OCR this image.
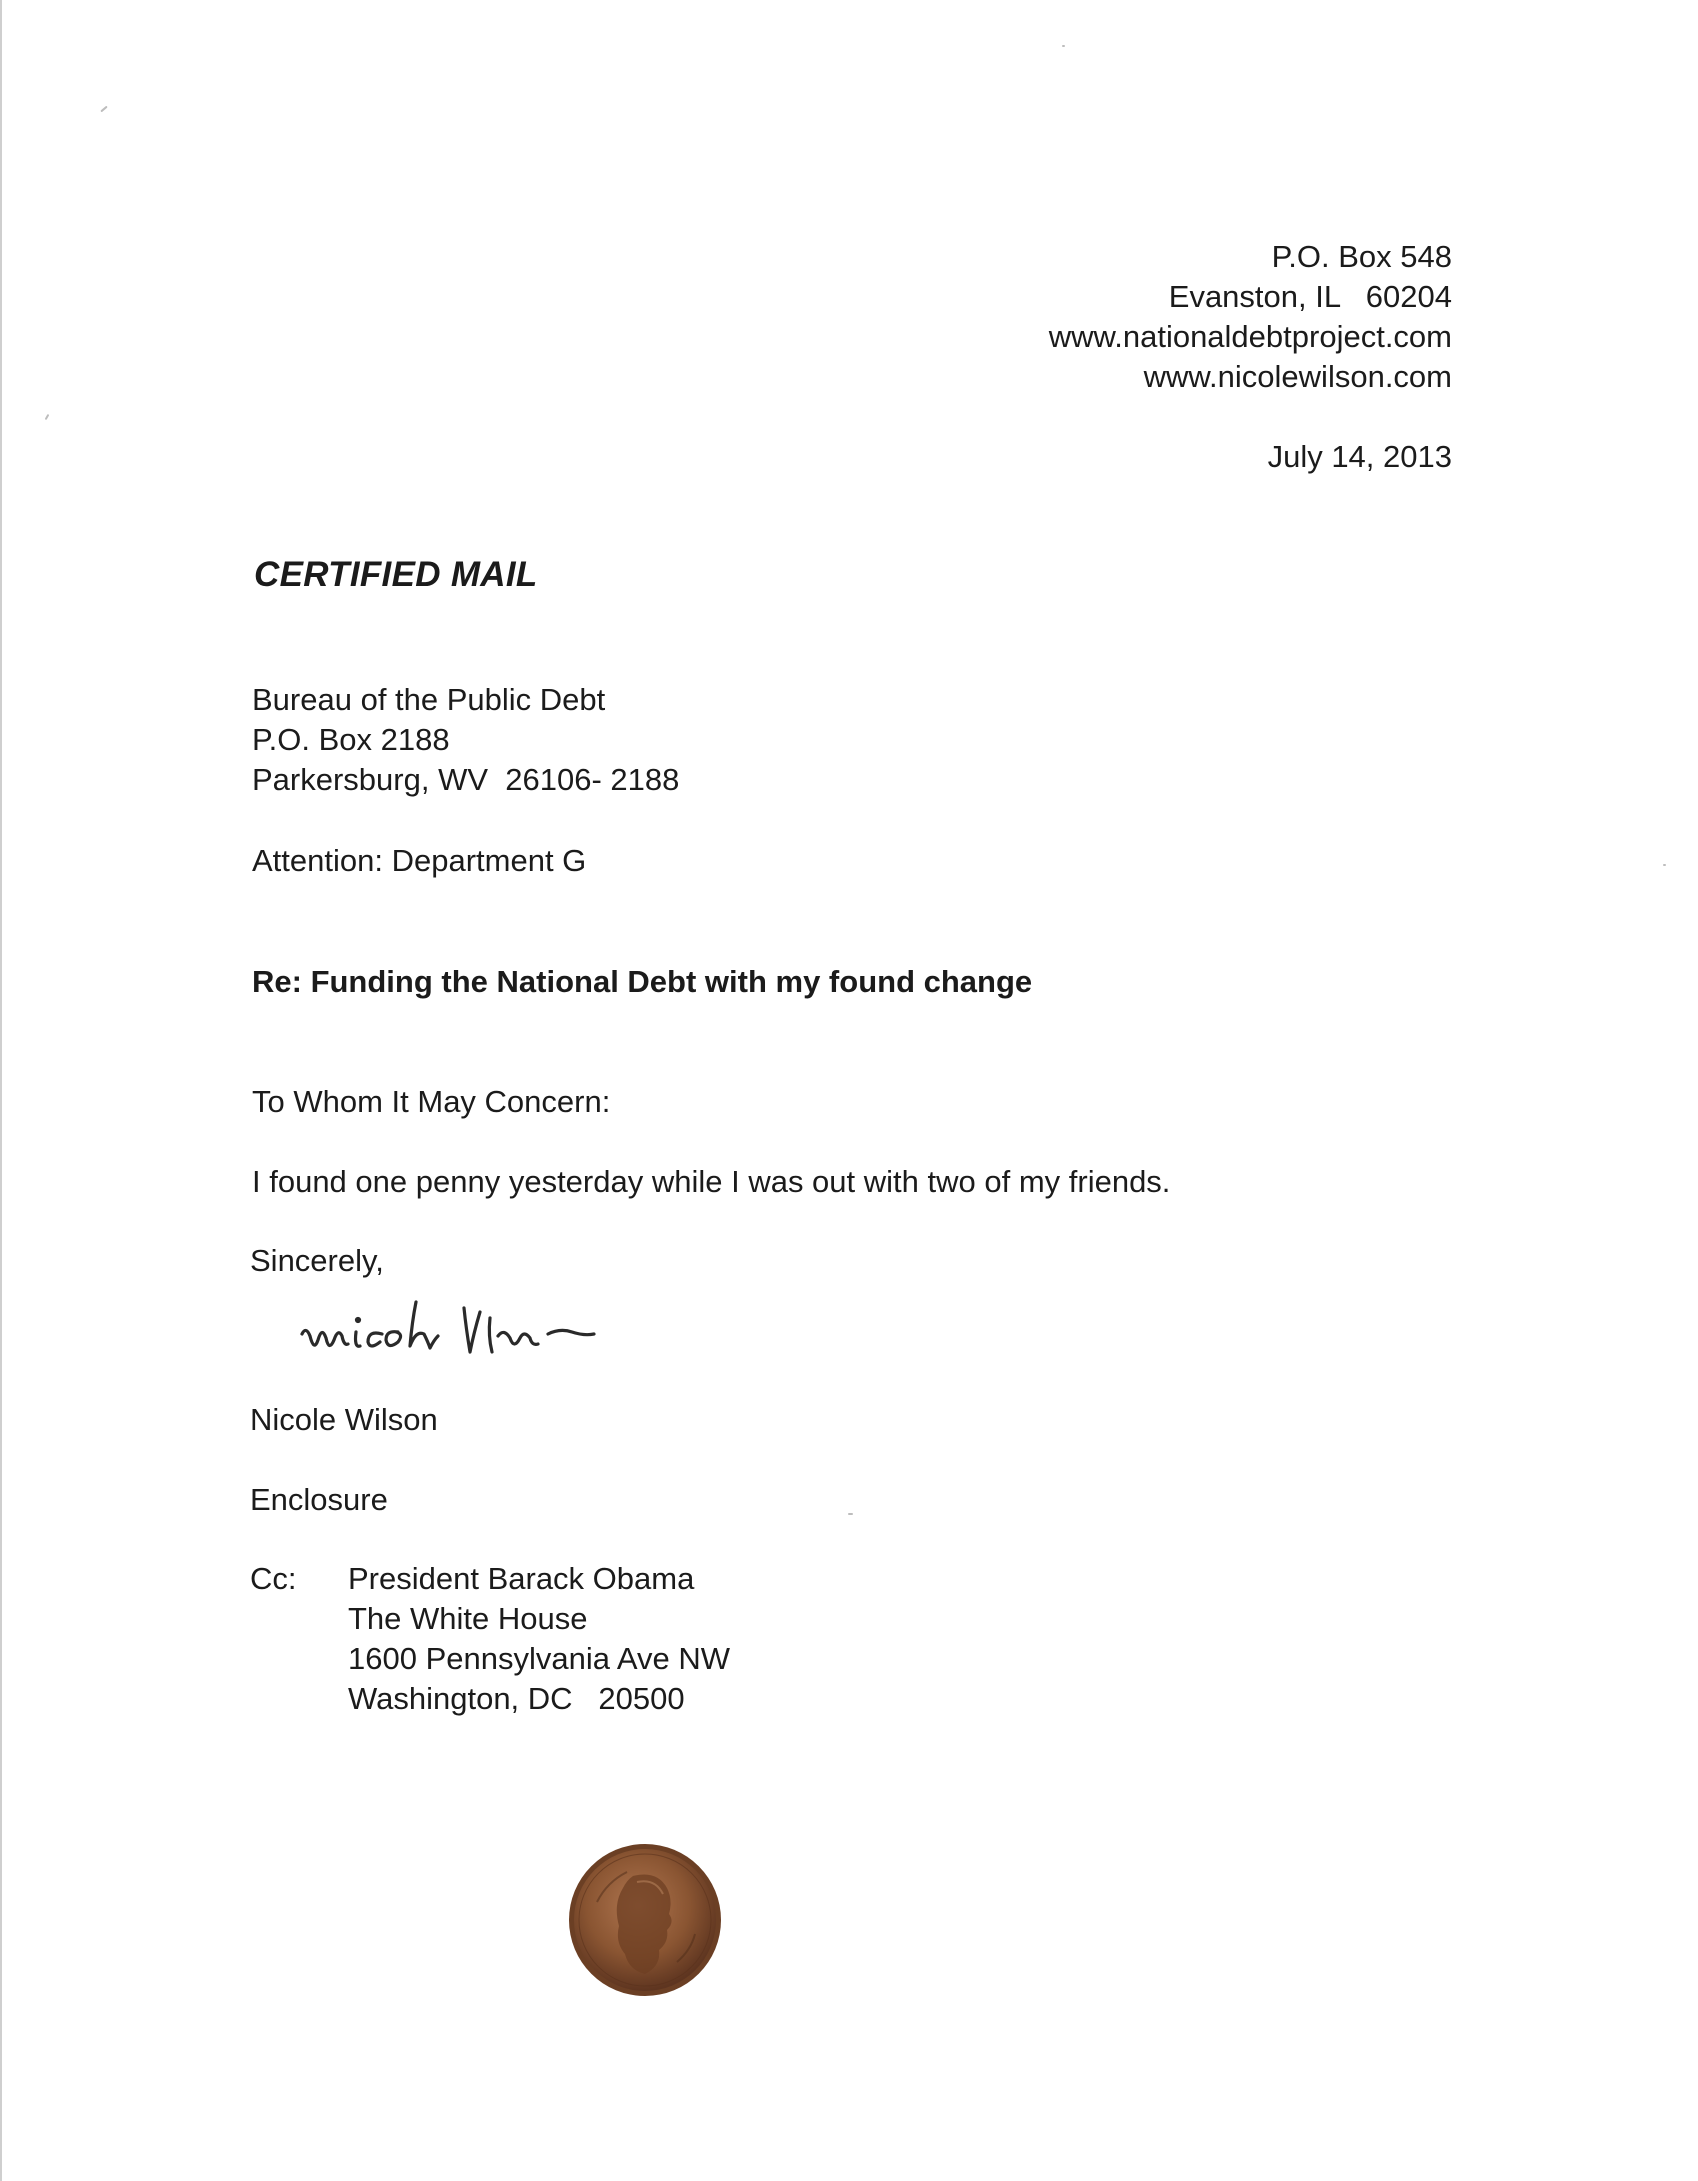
P.O. Box 548
Evanston, IL   60204
www.nationaldebtproject.com
www.nicolewilson.com
July 14, 2013
CERTIFIED MAIL
Bureau of the Public Debt
P.O. Box 2188
Parkersburg, WV  26106- 2188
Attention: Department G
Re: Funding the National Debt with my found change
To Whom It May Concern:
I found one penny yesterday while I was out with two of my friends.
Sincerely,
Nicole Wilson
Enclosure
Cc: President Barack Obama
The White House
1600 Pennsylvania Ave NW
Washington, DC   20500
